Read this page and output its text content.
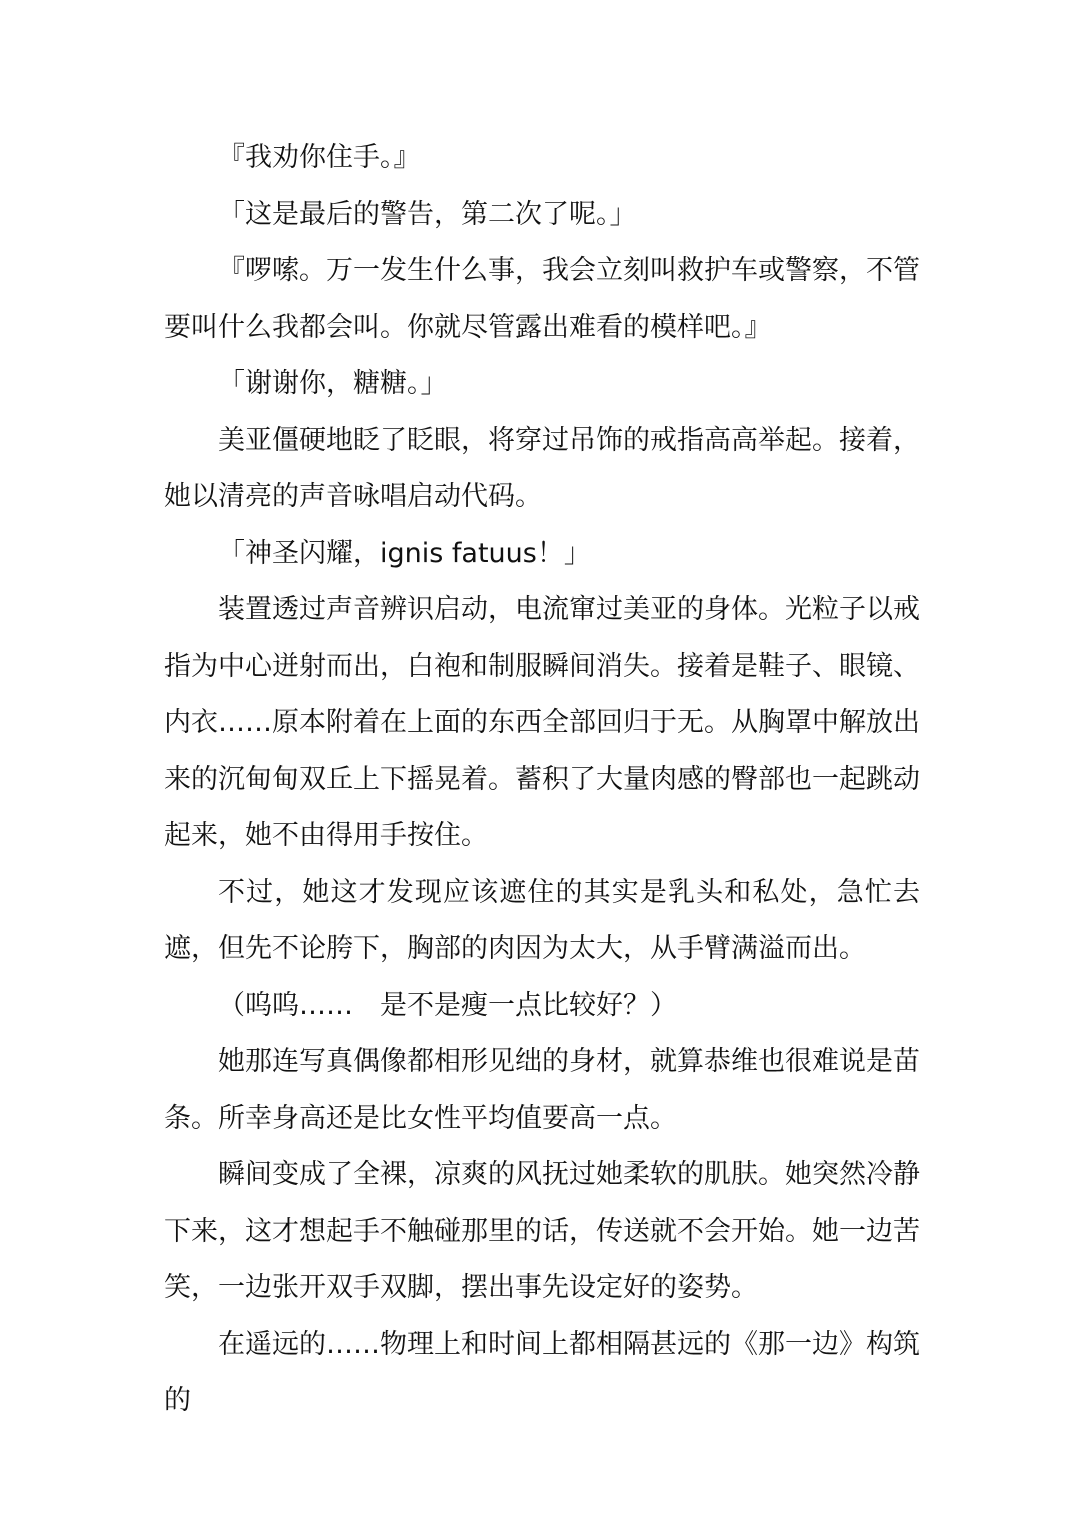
『我劝你住手。』

「这是最后的警告，第二次了呢。」

『啰嗦。万一发生什么事，我会立刻叫救护车或警察，不管要叫什么我都会叫。你就尽管露出难看的模样吧。』

「谢谢你，糖糖。」

美亚僵硬地眨了眨眼，将穿过吊饰的戒指高高举起。接着，她以清亮的声音咏唱启动代码。

「神圣闪耀，ignis fatuus！」

装置透过声音辨识启动，电流窜过美亚的身体。光粒子以戒指为中心迸射而出，白袍和制服瞬间消失。接着是鞋子、眼镜、内衣……原本附着在上面的东西全部回归于无。从胸罩中解放出来的沉甸甸双丘上下摇晃着。蓄积了大量肉感的臀部也一起跳动起来，她不由得用手按住。

不过，她这才发现应该遮住的其实是乳头和私处，急忙去遮，但先不论胯下，胸部的肉因为太大，从手臂满溢而出。

（呜呜……　是不是瘦一点比较好？）

她那连写真偶像都相形见绌的身材，就算恭维也很难说是苗条。所幸身高还是比女性平均值要高一点。

瞬间变成了全裸，凉爽的风抚过她柔软的肌肤。她突然冷静下来，这才想起手不触碰那里的话，传送就不会开始。她一边苦笑，一边张开双手双脚，摆出事先设定好的姿势。

在遥远的……物理上和时间上都相隔甚远的《那一边》构筑的
